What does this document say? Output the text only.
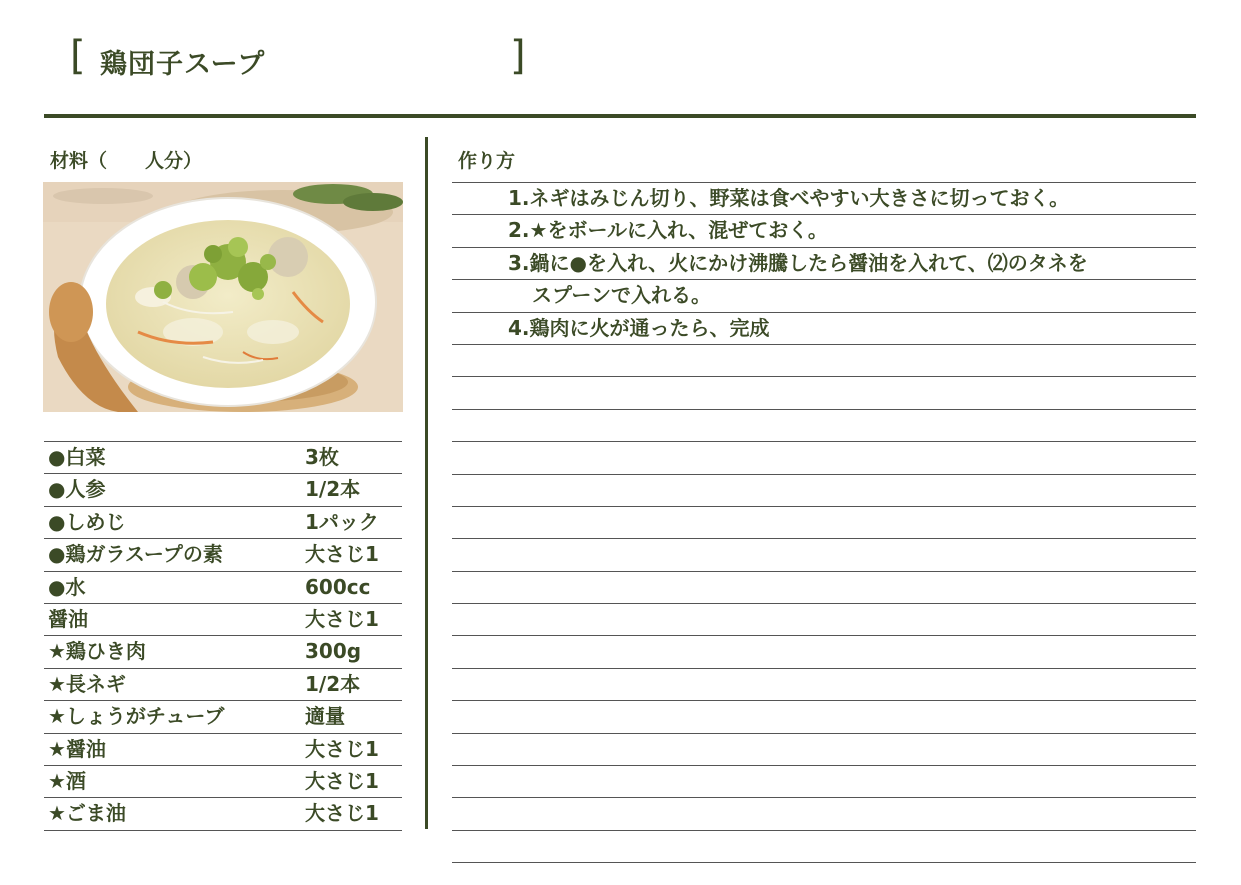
[ 鶏団子スープ	]
材料（　　人分）
●白菜	3枚
●人参	1/2本
●しめじ	1パック
●鶏ガラスープの素	大さじ1
●水	600cc
醤油	大さじ1
★鶏ひき肉	300g
★長ネギ	1/2本
★しょうがチューブ	適量
★醤油	大さじ1
★酒	大さじ1
★ごま油	大さじ1
作り方
1.ネギはみじん切り、野菜は食べやすい大きさに切っておく。
2.★をボールに入れ、混ぜておく。
3.鍋に●を入れ、火にかけ沸騰したら醤油を入れて、⑵のタネを
スプーンで入れる。
4.鶏肉に火が通ったら、完成
